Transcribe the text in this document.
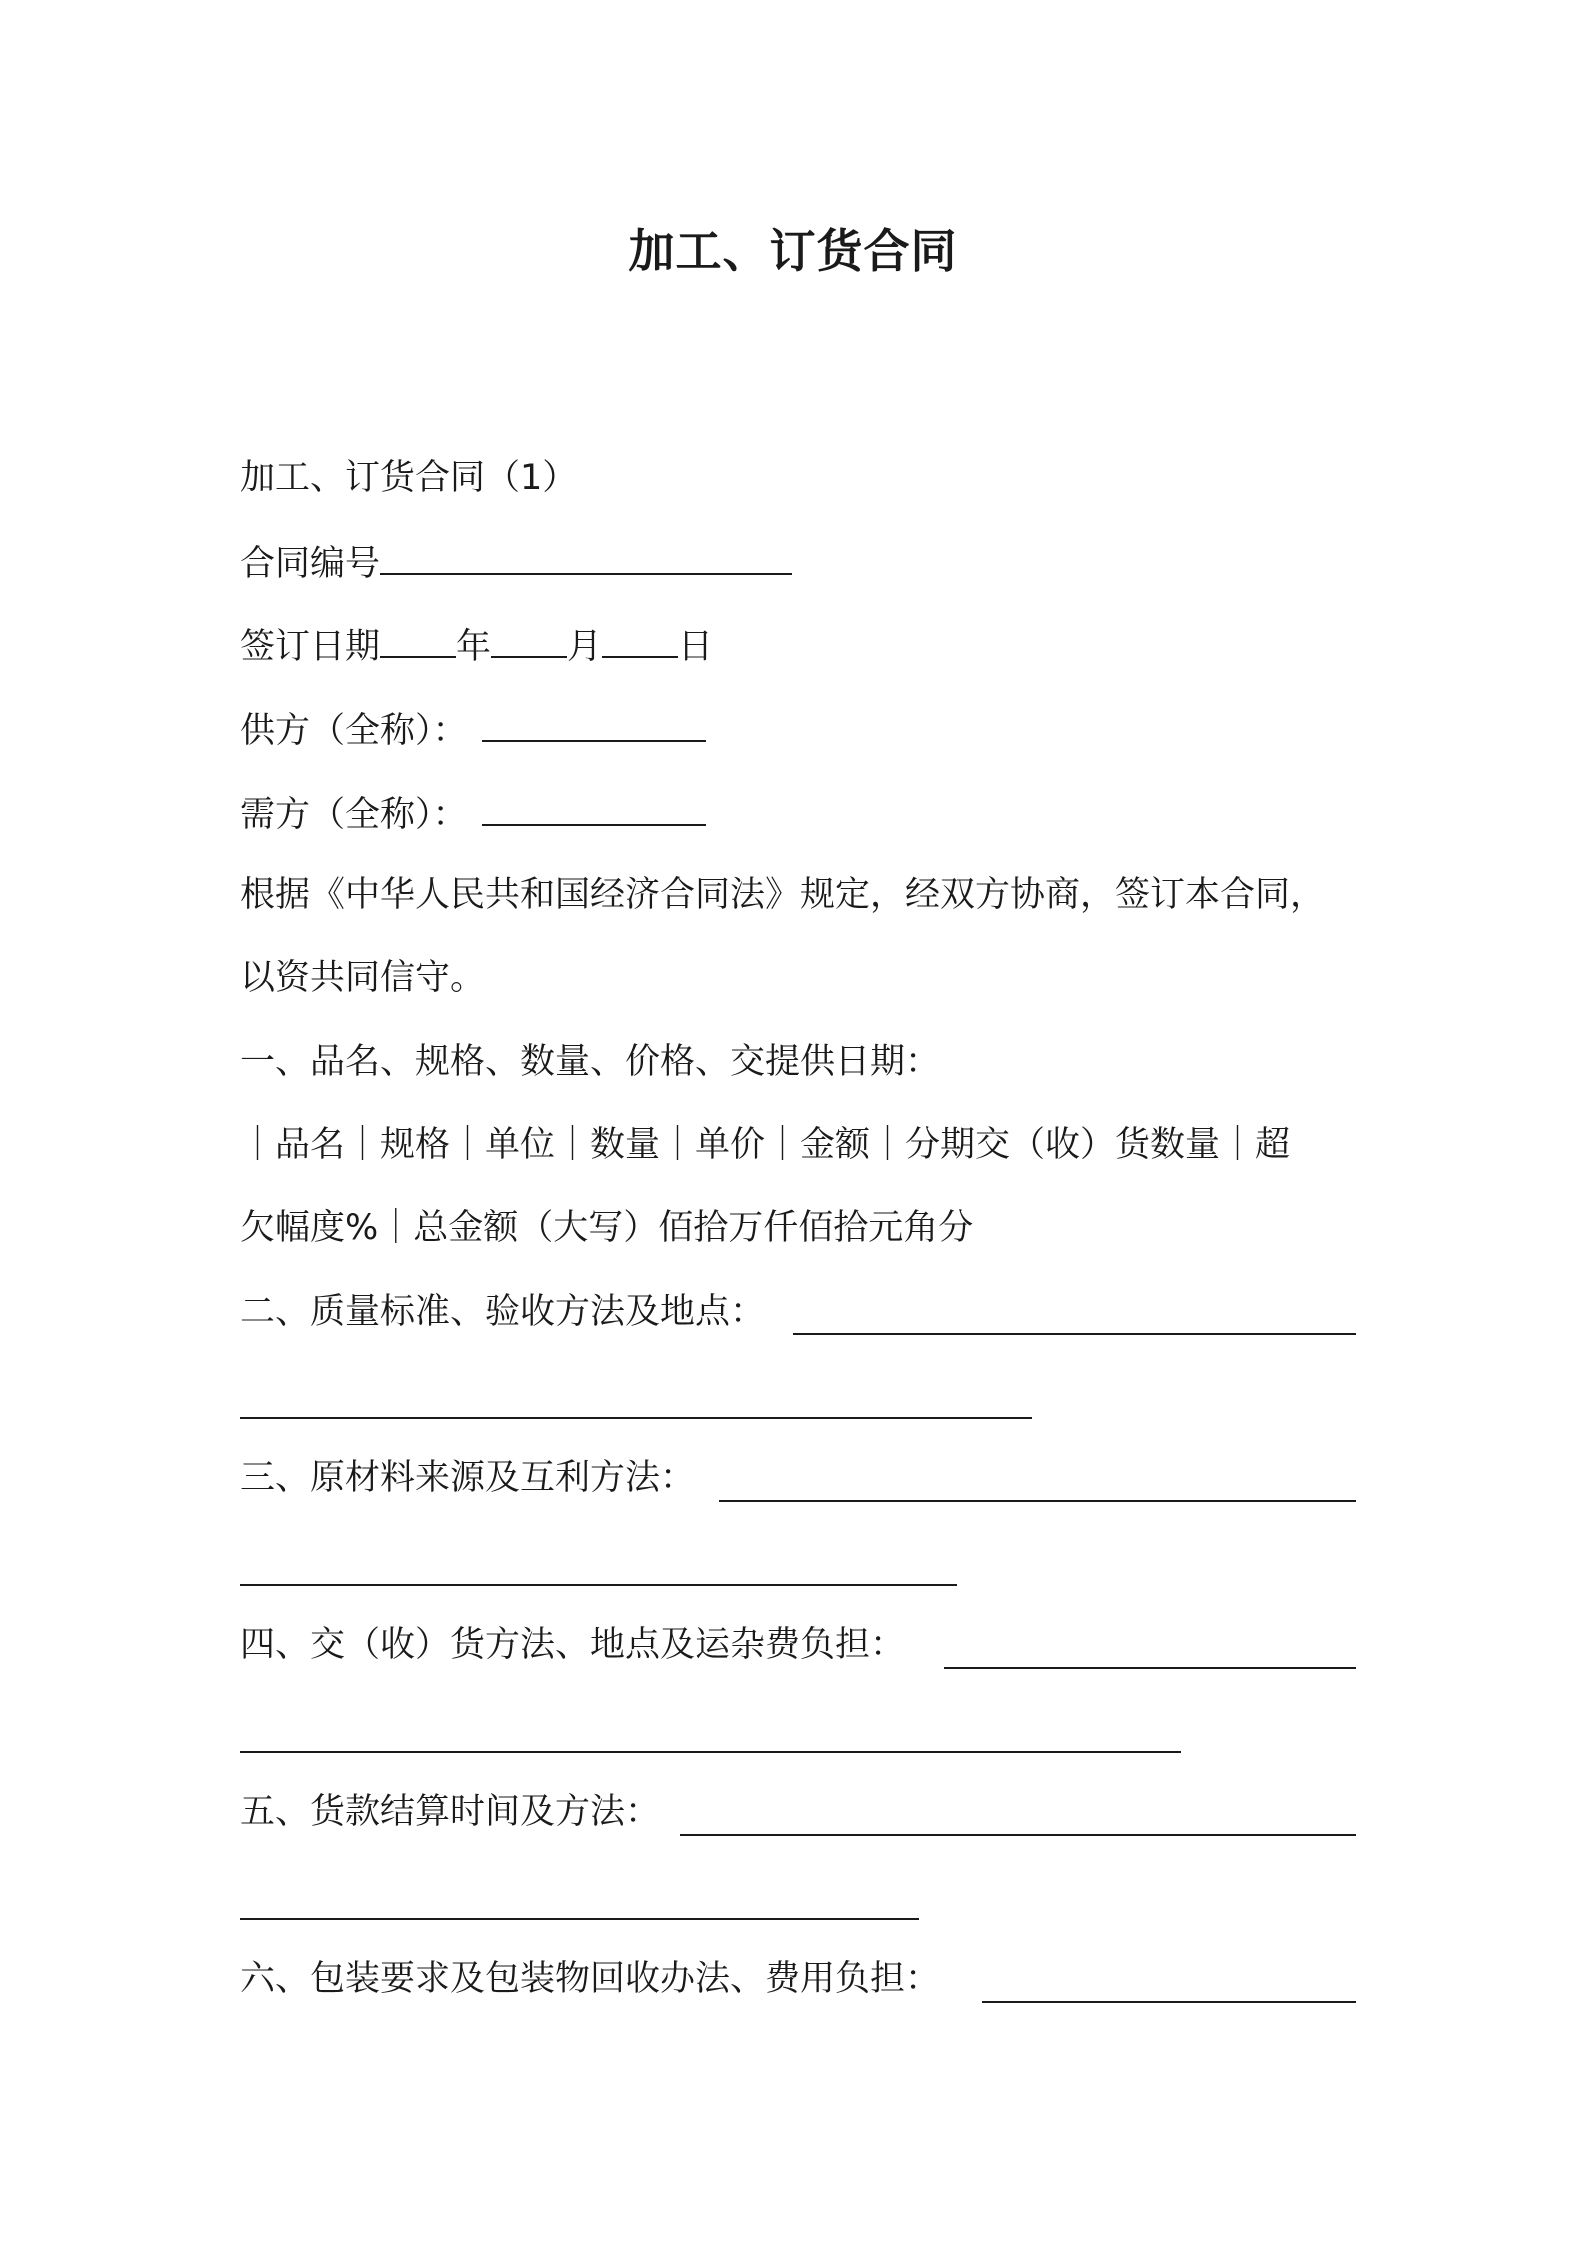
加工、订货合同
加工、订货合同（1）
合同编号
签订日期 年 月 日
供方（全称）：
需方（全称）：
根据《中华人民共和国经济合同法》规定，经双方协商，签订本合同，
以资共同信守。
一、品名、规格、数量、价格、交提供日期：
｜品名｜规格｜单位｜数量｜单价｜金额｜分期交（收）货数量｜超
欠幅度%｜总金额（大写）佰拾万仟佰拾元角分
二、质量标准、验收方法及地点：
三、原材料来源及互利方法：
四、交（收）货方法、地点及运杂费负担：
五、货款结算时间及方法：
六、包装要求及包装物回收办法、费用负担：
